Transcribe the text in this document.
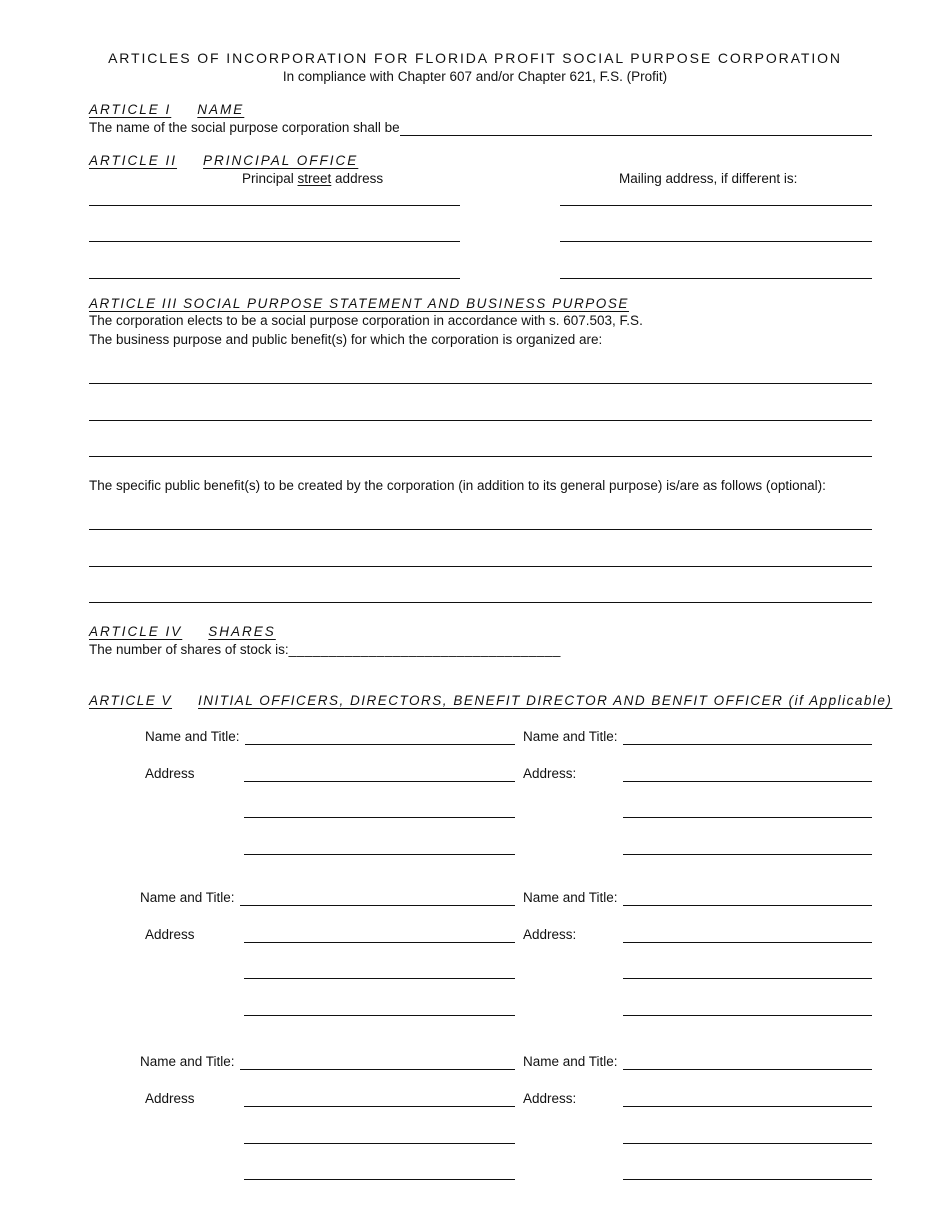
ARTICLES OF INCORPORATION FOR FLORIDA PROFIT SOCIAL PURPOSE CORPORATION
In compliance with Chapter 607 and/or Chapter 621, F.S. (Profit)
ARTICLE I NAME
The name of the social purpose corporation shall be
ARTICLE II PRINCIPAL OFFICE
Principal street address	Mailing address, if different is:
ARTICLE III SOCIAL PURPOSE STATEMENT AND BUSINESS PURPOSE
The corporation elects to be a social purpose corporation in accordance with s. 607.503, F.S.
The business purpose and public benefit(s) for which the corporation is organized are:
The specific public benefit(s) to be created by the corporation (in addition to its general purpose) is/are as follows (optional):
ARTICLE IV SHARES
The number of shares of stock is:__________________________________
ARTICLE V INITIAL OFFICERS, DIRECTORS, BENEFIT DIRECTOR AND BENFIT OFFICER (if Applicable)
Name and Title:
Address
Name and Title:
Address:
Name and Title:
Address
Name and Title:
Address:
Name and Title:
Address
Name and Title:
Address:
